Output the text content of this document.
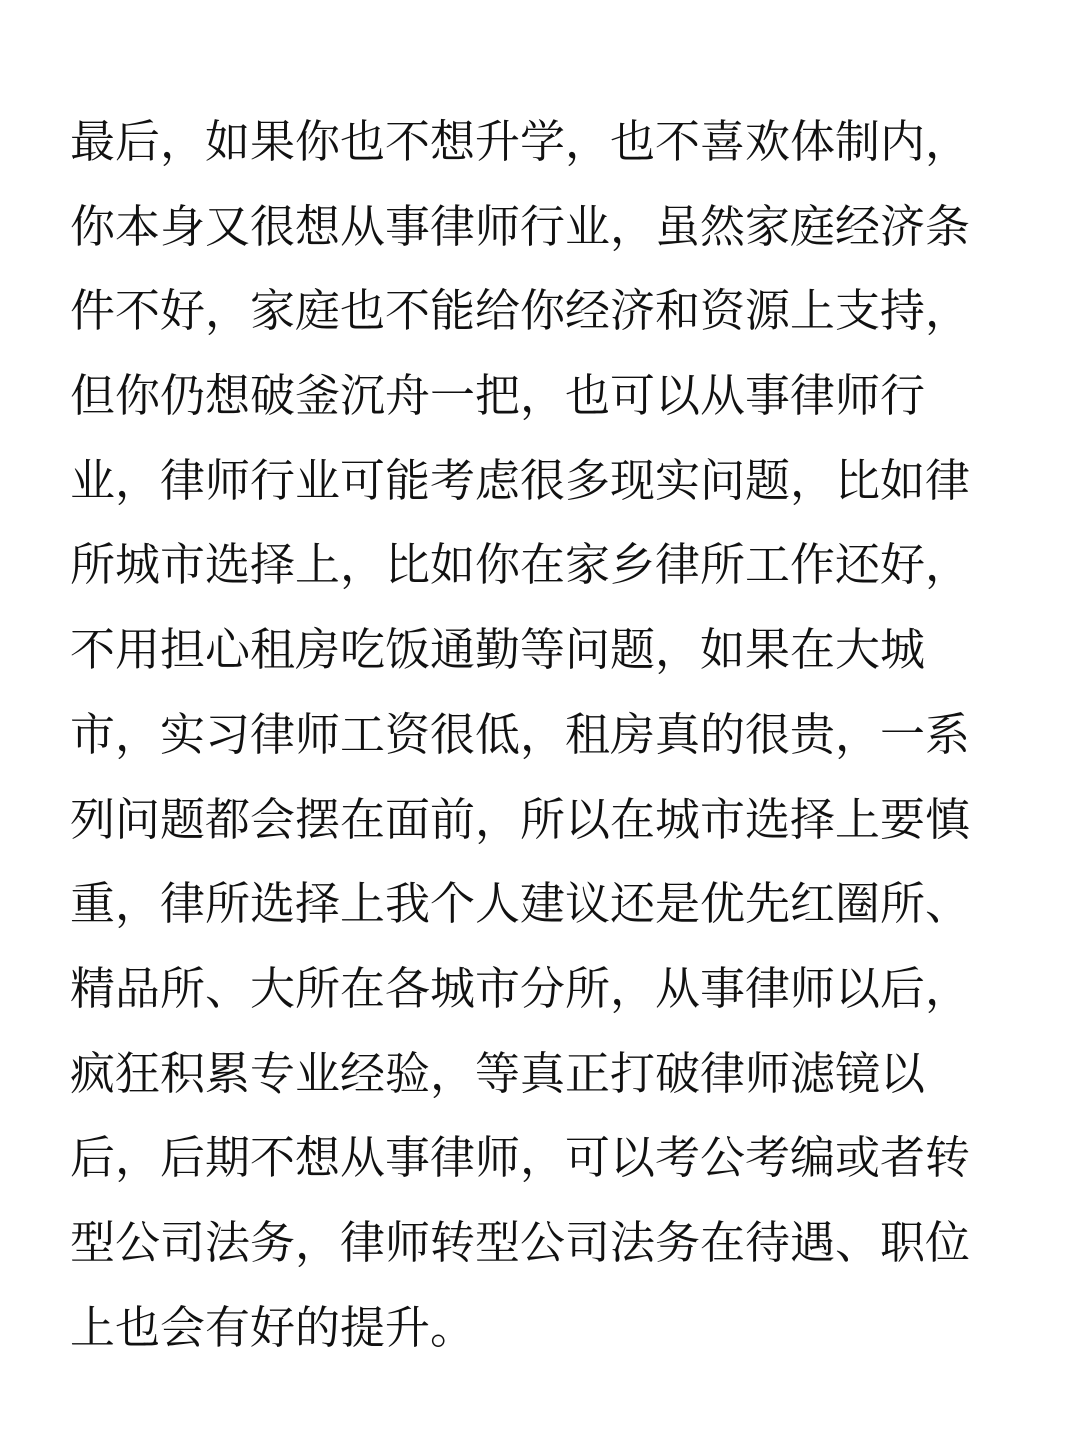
最后，如果你也不想升学，也不喜欢体制内，
你本身又很想从事律师行业，虽然家庭经济条
件不好，家庭也不能给你经济和资源上支持，
但你仍想破釜沉舟一把，也可以从事律师行
业，律师行业可能考虑很多现实问题，比如律
所城市选择上，比如你在家乡律所工作还好，
不用担心租房吃饭通勤等问题，如果在大城
市，实习律师工资很低，租房真的很贵，一系
列问题都会摆在面前，所以在城市选择上要慎
重，律所选择上我个人建议还是优先红圈所、
精品所、大所在各城市分所，从事律师以后，
疯狂积累专业经验，等真正打破律师滤镜以
后，后期不想从事律师，可以考公考编或者转
型公司法务，律师转型公司法务在待遇、职位
上也会有好的提升。
